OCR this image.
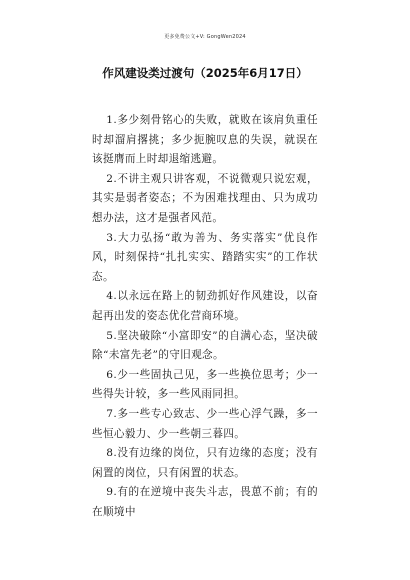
更多免费公文+V: GongWen2024
作风建设类过渡句（2025年6月17日）

1.多少刻骨铭心的失败，就败在该肩负重任时却溜肩撂挑；多少扼腕叹息的失误，就误在该挺膺而上时却退缩逃避。

2.不讲主观只讲客观，不说微观只说宏观，其实是弱者姿态；不为困难找理由、只为成功想办法，这才是强者风范。

3.大力弘扬“敢为善为、务实落实”优良作风，时刻保持“扎扎实实、踏踏实实”的工作状态。

4.以永远在路上的韧劲抓好作风建设，以奋起再出发的姿态优化营商环境。

5.坚决破除“小富即安”的自满心态，坚决破除“未富先老”的守旧观念。

6.少一些固执己见，多一些换位思考；少一些得失计较，多一些风雨同担。

7.多一些专心致志、少一些心浮气躁，多一些恒心毅力、少一些朝三暮四。

8.没有边缘的岗位，只有边缘的态度；没有闲置的岗位，只有闲置的状态。

9.有的在逆境中丧失斗志，畏葸不前；有的在顺境中
